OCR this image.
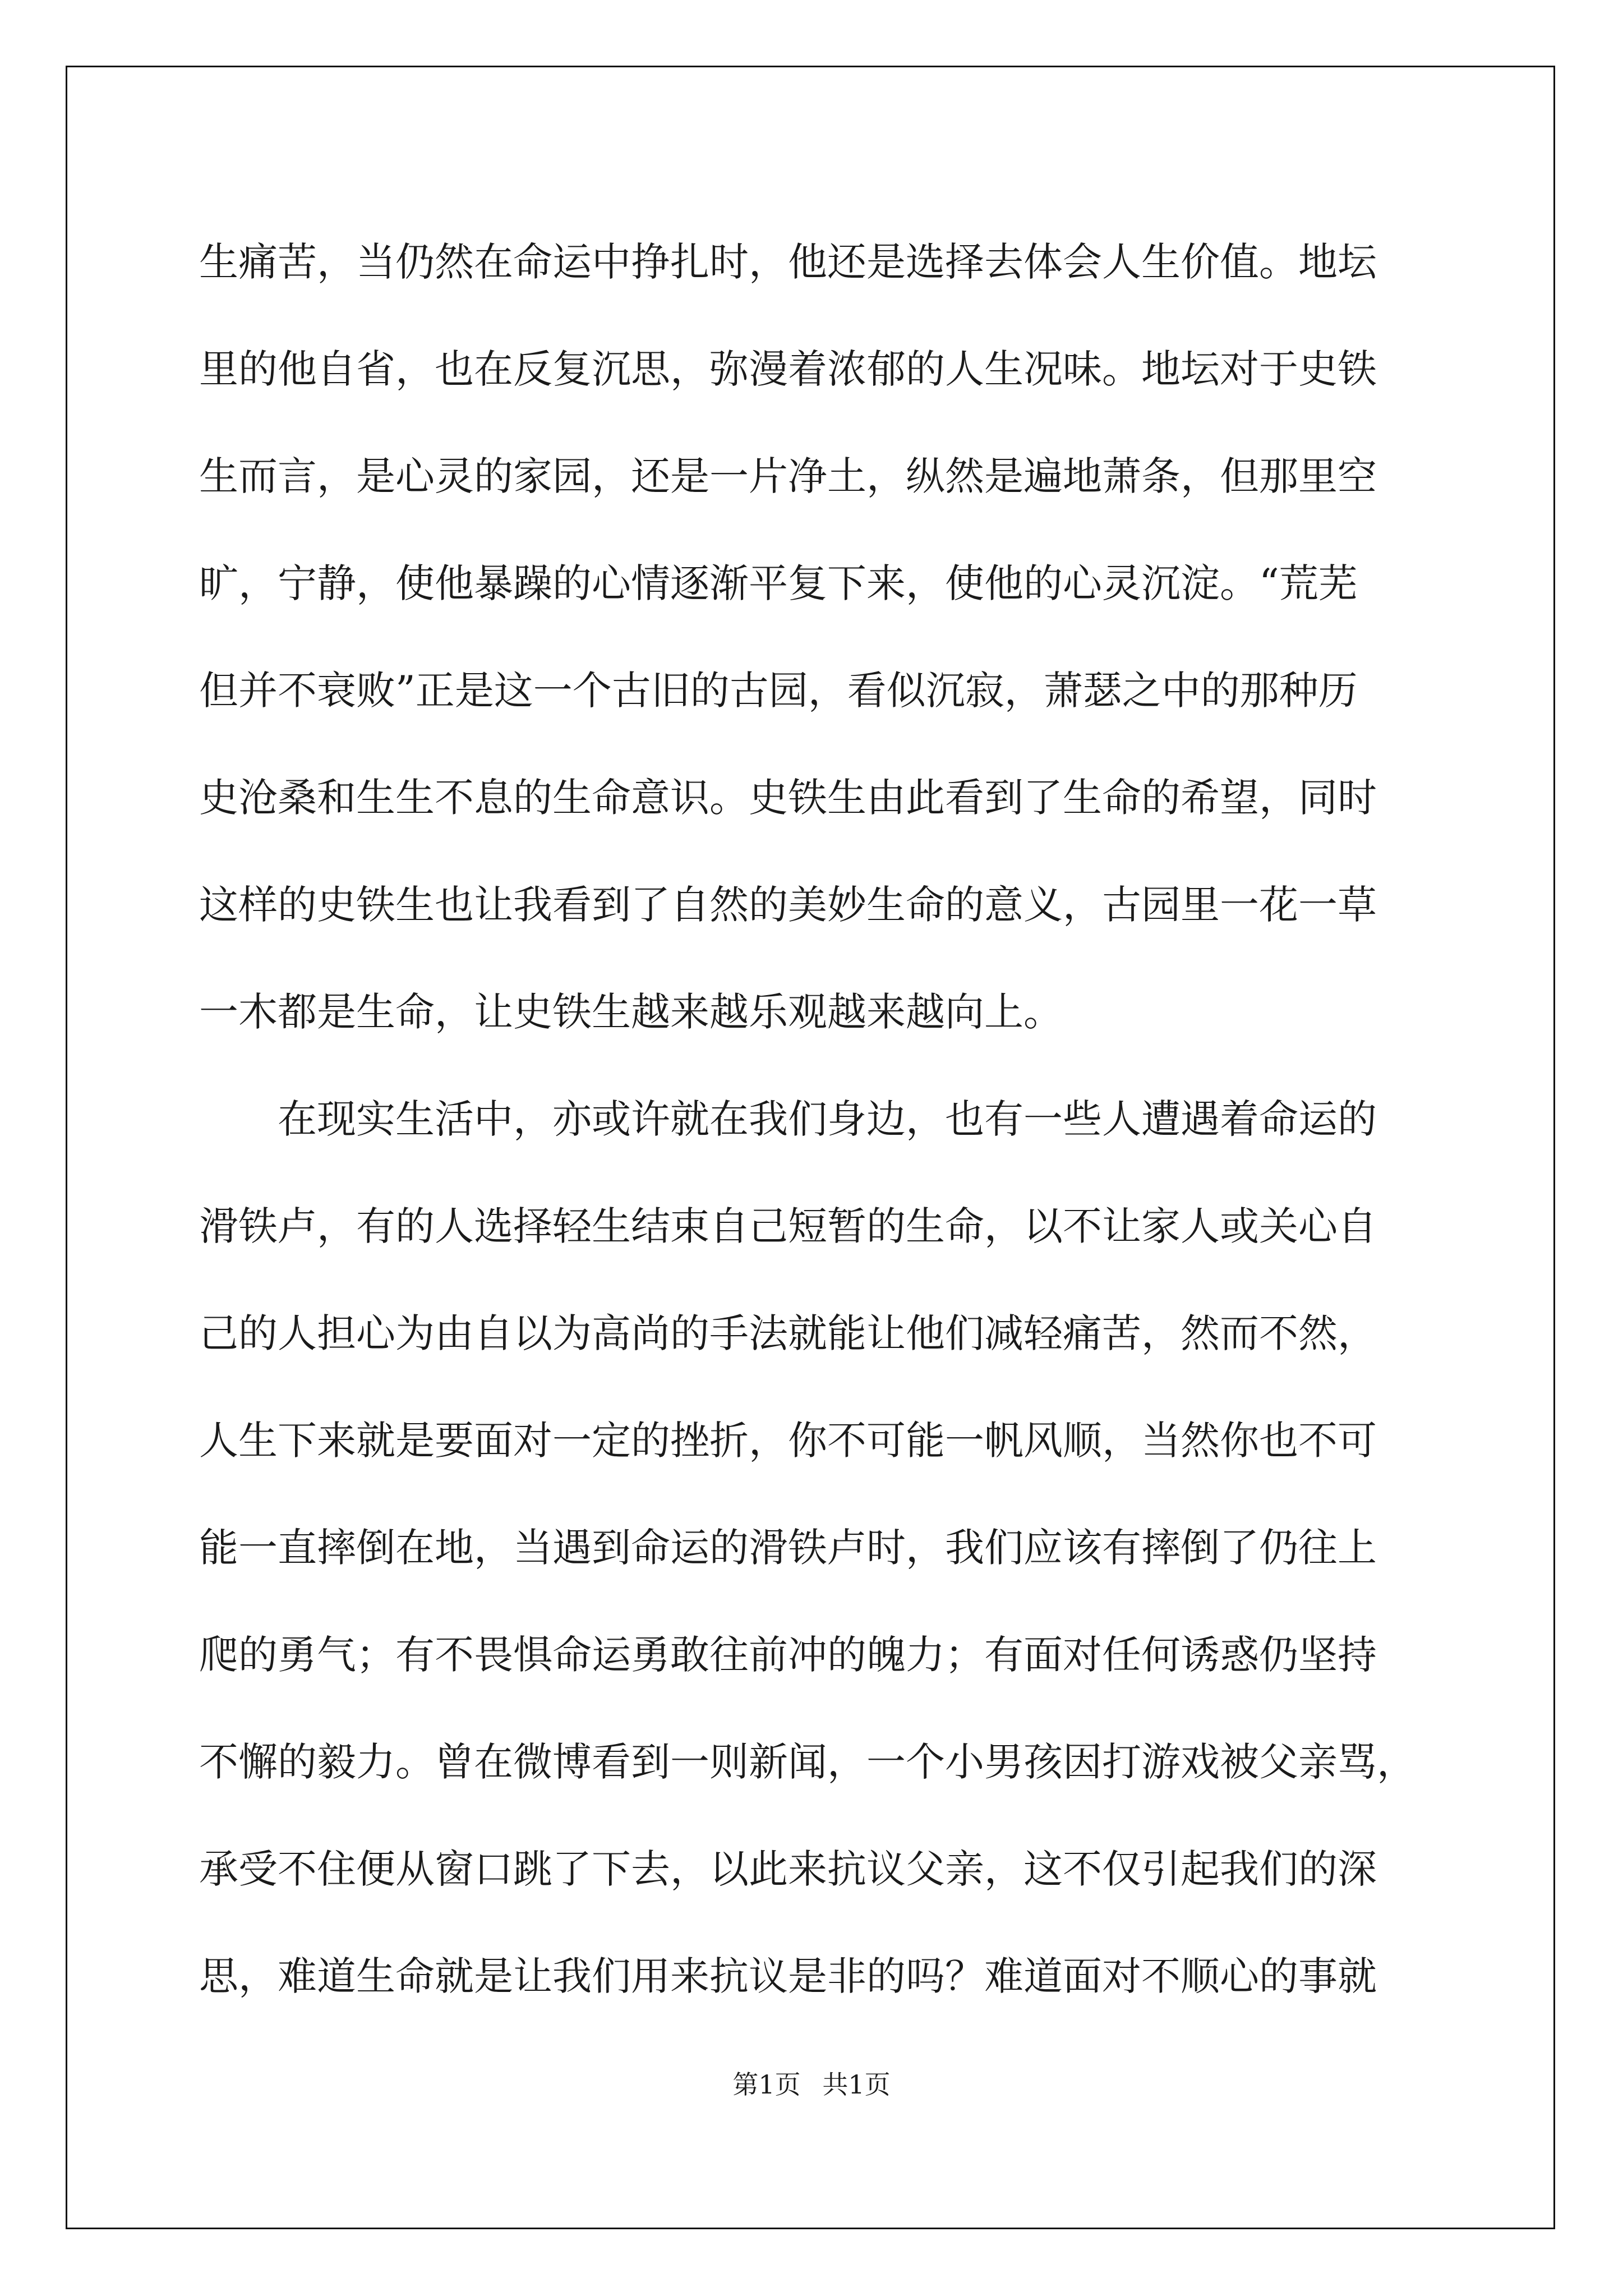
生痛苦，当仍然在命运中挣扎时，他还是选择去体会人生价值。地坛
里的他自省，也在反复沉思，弥漫着浓郁的人生况味。地坛对于史铁
生而言，是心灵的家园，还是一片净土，纵然是遍地萧条，但那里空
旷，宁静，使他暴躁的心情逐渐平复下来，使他的心灵沉淀。“荒芜
但并不衰败”正是这一个古旧的古园，看似沉寂，萧瑟之中的那种历
史沧桑和生生不息的生命意识。史铁生由此看到了生命的希望，同时
这样的史铁生也让我看到了自然的美妙生命的意义，古园里一花一草
一木都是生命，让史铁生越来越乐观越来越向上。
在现实生活中，亦或许就在我们身边，也有一些人遭遇着命运的
滑铁卢，有的人选择轻生结束自己短暂的生命，以不让家人或关心自
己的人担心为由自以为高尚的手法就能让他们减轻痛苦，然而不然，
人生下来就是要面对一定的挫折，你不可能一帆风顺，当然你也不可
能一直摔倒在地，当遇到命运的滑铁卢时，我们应该有摔倒了仍往上
爬的勇气；有不畏惧命运勇敢往前冲的魄力；有面对任何诱惑仍坚持
不懈的毅力。曾在微博看到一则新闻，一个小男孩因打游戏被父亲骂，
承受不住便从窗口跳了下去，以此来抗议父亲，这不仅引起我们的深
思，难道生命就是让我们用来抗议是非的吗？难道面对不顺心的事就
第1页 共1页
